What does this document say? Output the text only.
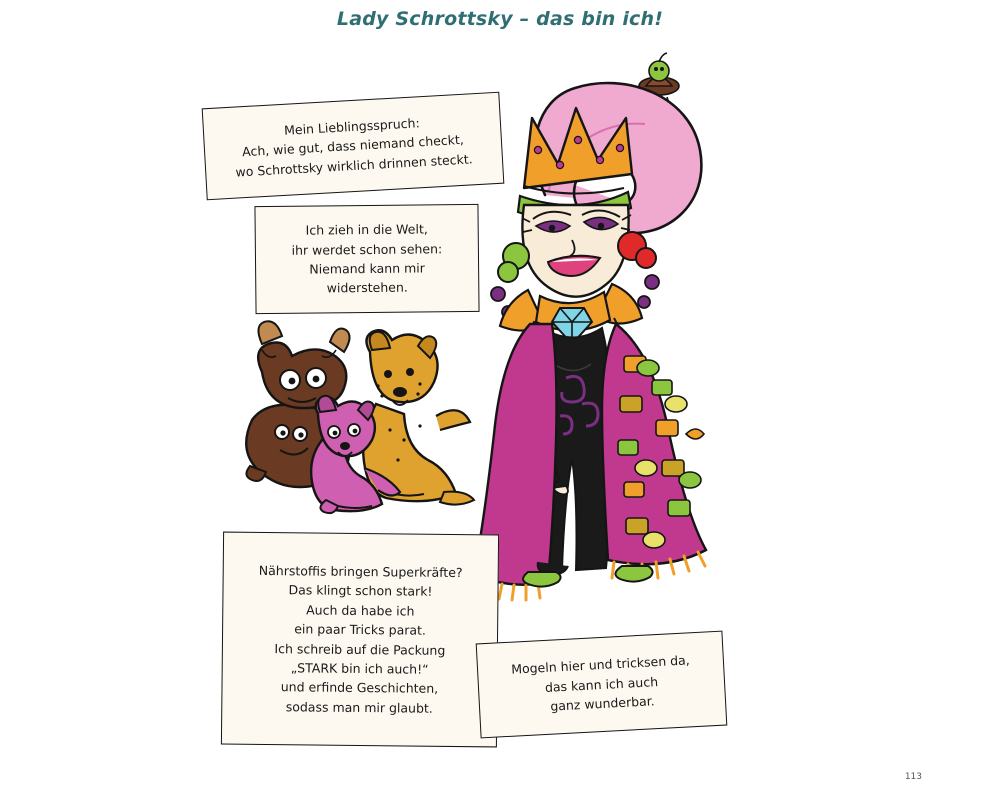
Lady Schrottsky – das bin ich!

Mein Lieblingsspruch:
Ach, wie gut, dass niemand checkt,
wo Schrottsky wirklich drinnen steckt.

Ich zieh in die Welt,
ihr werdet schon sehen:
Niemand kann mir
widerstehen.

Nährstoffis bringen Superkräfte?
Das klingt schon stark!
Auch da habe ich
ein paar Tricks parat.
Ich schreib auf die Packung
„STARK bin ich auch!“
und erfinde Geschichten,
sodass man mir glaubt.

Mogeln hier und tricksen da,
das kann ich auch
ganz wunderbar.

113
